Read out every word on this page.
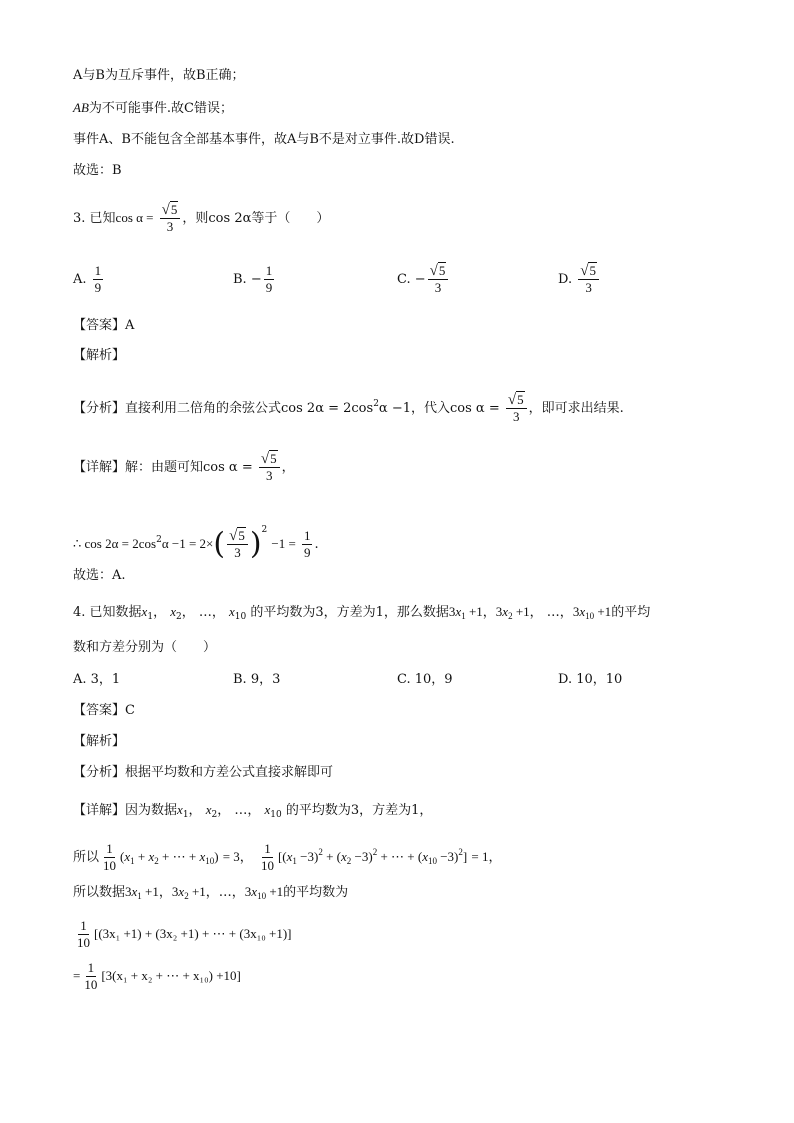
A与B为互斥事件，故B正确；
AB为不可能事件.故C错误；
事件A、B不能包含全部基本事件，故A与B不是对立事件.故D错误.
故选：B
3. 已知$\cos \alpha = \frac{√5}{3}$ ，则cos 2α等于（　　）
A. $\frac{1}{9}$	B. − $\frac{1}{9}$	C. − $\frac{√5}{3}$	D. $\frac{√5}{3}$
【答案】A
【解析】
【分析】直接利用二倍角的余弦公式$\cos 2\alpha = 2\cos^2\alpha -1$，代入$\cos \alpha = \frac{√5}{3}$ ，即可求出结果.
【详解】解：由题可知$\cos \alpha = \frac{√5}{3}$ ，
∴ $\cos 2\alpha = 2\cos^2\alpha -1 = 2\times( \frac{√5}{3} )^2 -1 = \frac{1}{9}$ .
故选：A.
4. 已知数据$x_1$， $x_2$， …， $x_{10}$ 的平均数为3，方差为1，那么数据$3x_1 +1$，$3x_2 +1$， …，$3x_{10} +1$的平均
数和方差分别为（　　）
A. 3，1	B. 9，3	C. 10，9	D. 10，10
【答案】C
【解析】
【分析】根据平均数和方差公式直接求解即可
【详解】因为数据$x_1$， $x_2$， …， $x_{10}$ 的平均数为3，方差为1，
所以 $\frac{1}{10} (x_1 + x_2$ + ⋯ + $x_{10}) = 3$， $\frac{1}{10} [(x_1 -3)^2 + (x_2 -3)^2$ + ⋯ + $(x_{10} -3)^2] = 1$，
所以数据$3x_1 +1$，$3x_2 +1$，…，$3x_{10} +1$的平均数为
$\frac{1}{10} [(3x_1 +1) + (3x_2 +1)$ + ⋯ + (3x₁₀ +1)]
= $\frac{1}{10} [3(x_1 + x_2$ + ⋯ + x₁₀) +10]
